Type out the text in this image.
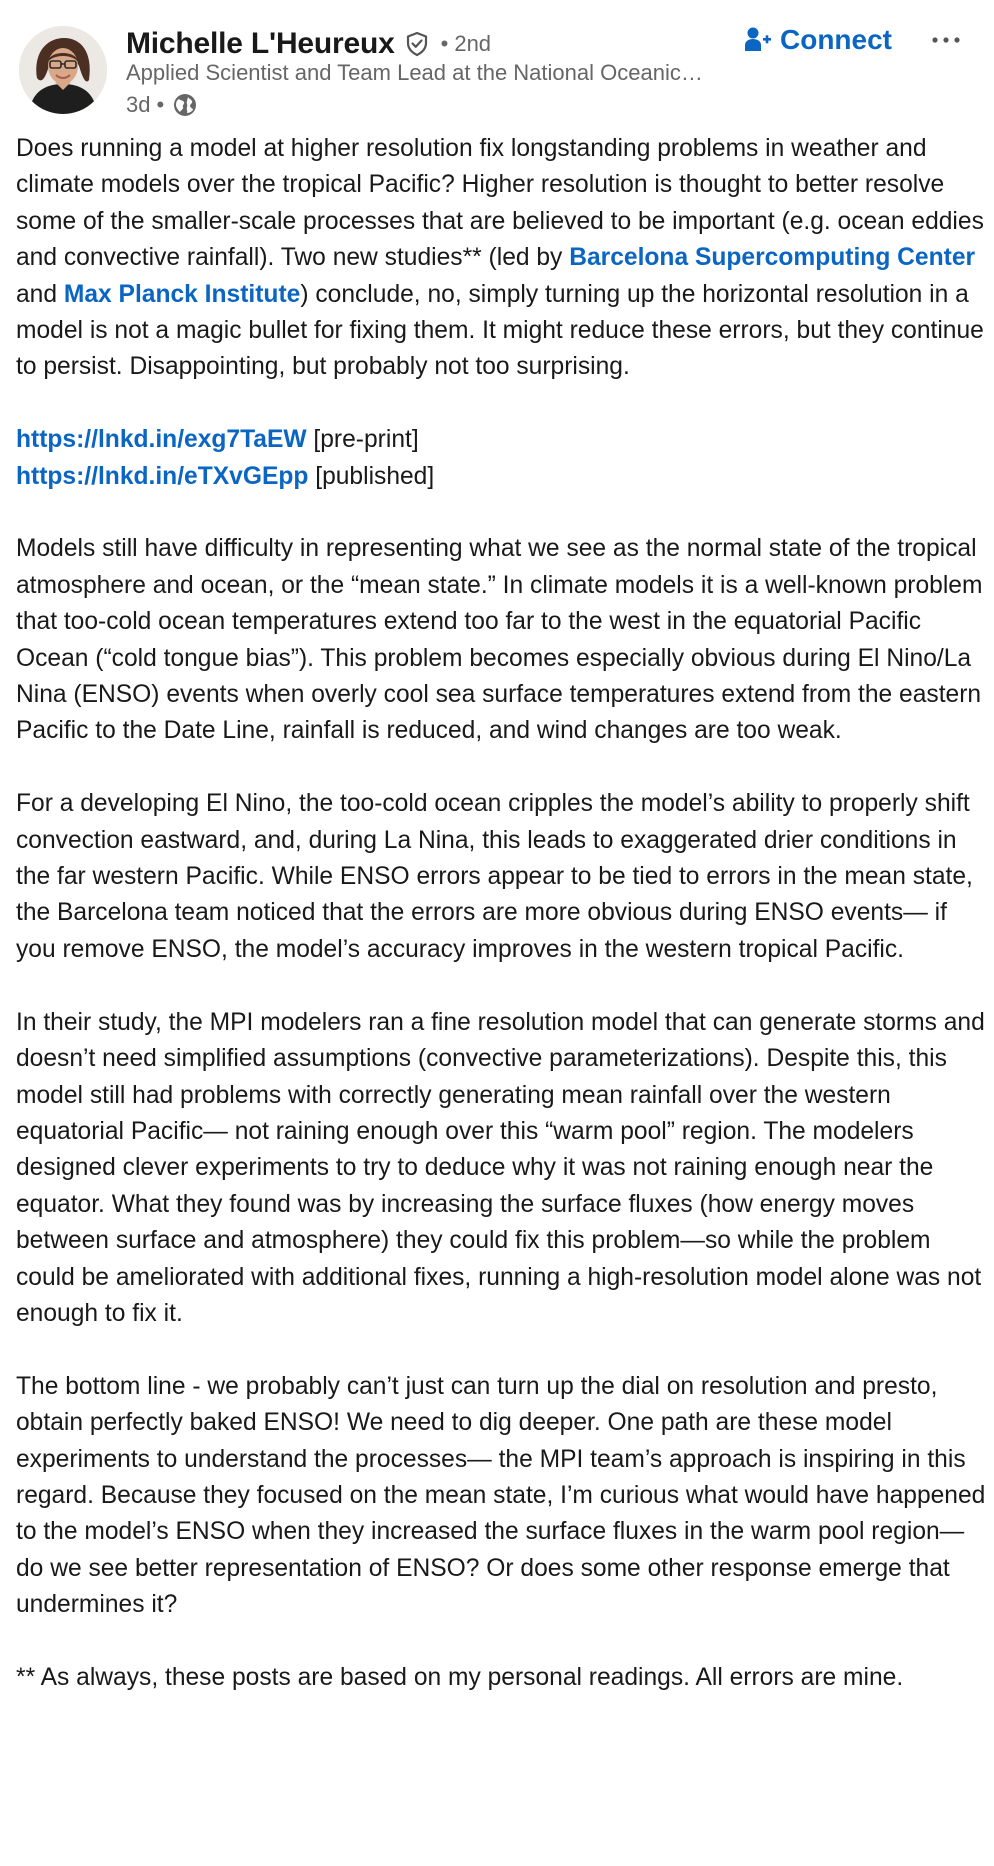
Michelle L'Heureux • 2nd
Applied Scientist and Team Lead at the National Oceanic…
3d •
Connect

Does running a model at higher resolution fix longstanding problems in weather and climate models over the tropical Pacific? Higher resolution is thought to better resolve some of the smaller-scale processes that are believed to be important (e.g. ocean eddies and convective rainfall). Two new studies** (led by Barcelona Supercomputing Center and Max Planck Institute) conclude, no, simply turning up the horizontal resolution in a model is not a magic bullet for fixing them. It might reduce these errors, but they continue to persist. Disappointing, but probably not too surprising.

https://lnkd.in/exg7TaEW [pre-print]

https://lnkd.in/eTXvGEpp [published]

Models still have difficulty in representing what we see as the normal state of the tropical atmosphere and ocean, or the “mean state.” In climate models it is a well-known problem that too-cold ocean temperatures extend too far to the west in the equatorial Pacific Ocean (“cold tongue bias”). This problem becomes especially obvious during El Nino/La Nina (ENSO) events when overly cool sea surface temperatures extend from the eastern Pacific to the Date Line, rainfall is reduced, and wind changes are too weak.

For a developing El Nino, the too-cold ocean cripples the model’s ability to properly shift convection eastward, and, during La Nina, this leads to exaggerated drier conditions in the far western Pacific. While ENSO errors appear to be tied to errors in the mean state, the Barcelona team noticed that the errors are more obvious during ENSO events— if you remove ENSO, the model’s accuracy improves in the western tropical Pacific.

In their study, the MPI modelers ran a fine resolution model that can generate storms and doesn’t need simplified assumptions (convective parameterizations). Despite this, this model still had problems with correctly generating mean rainfall over the western equatorial Pacific— not raining enough over this “warm pool” region. The modelers designed clever experiments to try to deduce why it was not raining enough near the equator. What they found was by increasing the surface fluxes (how energy moves between surface and atmosphere) they could fix this problem—so while the problem could be ameliorated with additional fixes, running a high-resolution model alone was not enough to fix it.

The bottom line - we probably can’t just can turn up the dial on resolution and presto, obtain perfectly baked ENSO! We need to dig deeper. One path are these model experiments to understand the processes— the MPI team’s approach is inspiring in this regard. Because they focused on the mean state, I’m curious what would have happened to the model’s ENSO when they increased the surface fluxes in the warm pool region— do we see better representation of ENSO? Or does some other response emerge that undermines it?

** As always, these posts are based on my personal readings. All errors are mine.
